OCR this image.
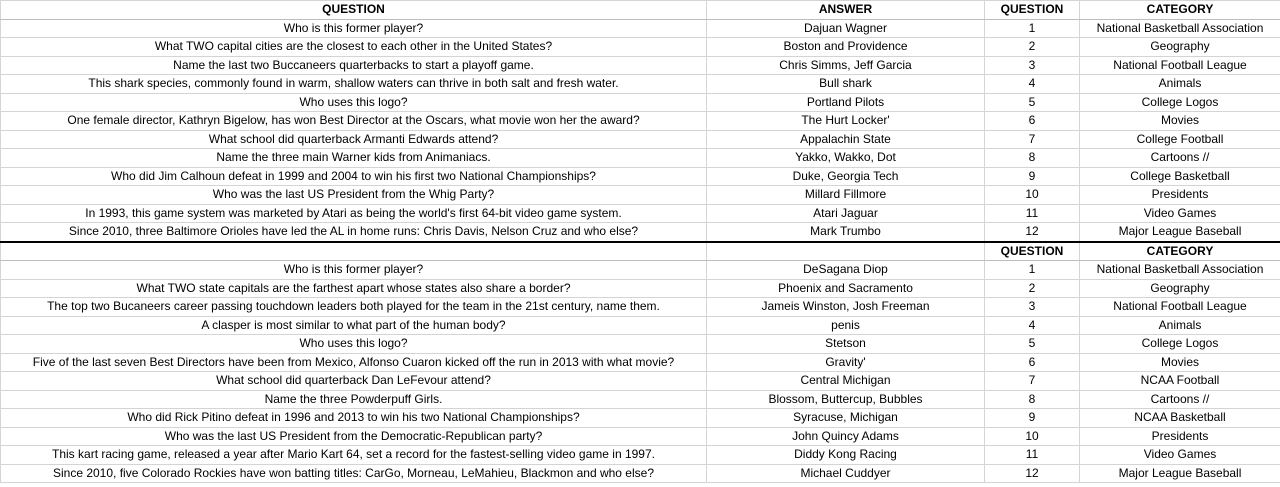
QUESTION	ANSWER	QUESTION	CATEGORY
Who is this former player?	Dajuan Wagner	1	National Basketball Association
What TWO capital cities are the closest to each other in the United States?	Boston and Providence	2	Geography
Name the last two Buccaneers quarterbacks to start a playoff game.	Chris Simms, Jeff Garcia	3	National Football League
This shark species, commonly found in warm, shallow waters can thrive in both salt and fresh water.	Bull shark	4	Animals
Who uses this logo?	Portland Pilots	5	College Logos
One female director, Kathryn Bigelow, has won Best Director at the Oscars, what movie won her the award?	The Hurt Locker'	6	Movies
What school did quarterback Armanti Edwards attend?	Appalachin State	7	College Football
Name the three main Warner kids from Animaniacs.	Yakko, Wakko, Dot	8	Cartoons //
Who did Jim Calhoun defeat in 1999 and 2004 to win his first two National Championships?	Duke, Georgia Tech	9	College Basketball
Who was the last US President from the Whig Party?	Millard Fillmore	10	Presidents
In 1993, this game system was marketed by Atari as being the world's first 64-bit video game system.	Atari Jaguar	11	Video Games
Since 2010, three Baltimore Orioles have led the AL in home runs: Chris Davis, Nelson Cruz and who else?	Mark Trumbo	12	Major League Baseball
		QUESTION	CATEGORY
Who is this former player?	DeSagana Diop	1	National Basketball Association
What TWO state capitals are the farthest apart whose states also share a border?	Phoenix and Sacramento	2	Geography
The top two Bucaneers career passing touchdown leaders both played for the team in the 21st century, name them.	Jameis Winston, Josh Freeman	3	National Football League
A clasper is most similar to what part of the human body?	penis	4	Animals
Who uses this logo?	Stetson	5	College Logos
Five of the last seven Best Directors have been from Mexico, Alfonso Cuaron kicked off the run in 2013 with what movie?	Gravity'	6	Movies
What school did quarterback Dan LeFevour attend?	Central Michigan	7	NCAA Football
Name the three Powderpuff Girls.	Blossom, Buttercup, Bubbles	8	Cartoons //
Who did Rick Pitino defeat in 1996 and 2013 to win his two National Championships?	Syracuse, Michigan	9	NCAA Basketball
Who was the last US President from the Democratic-Republican party?	John Quincy Adams	10	Presidents
This kart racing game, released a year after Mario Kart 64, set a record for the fastest-selling video game in 1997.	Diddy Kong Racing	11	Video Games
Since 2010, five Colorado Rockies have won batting titles: CarGo, Morneau, LeMahieu, Blackmon and who else?	Michael Cuddyer	12	Major League Baseball
